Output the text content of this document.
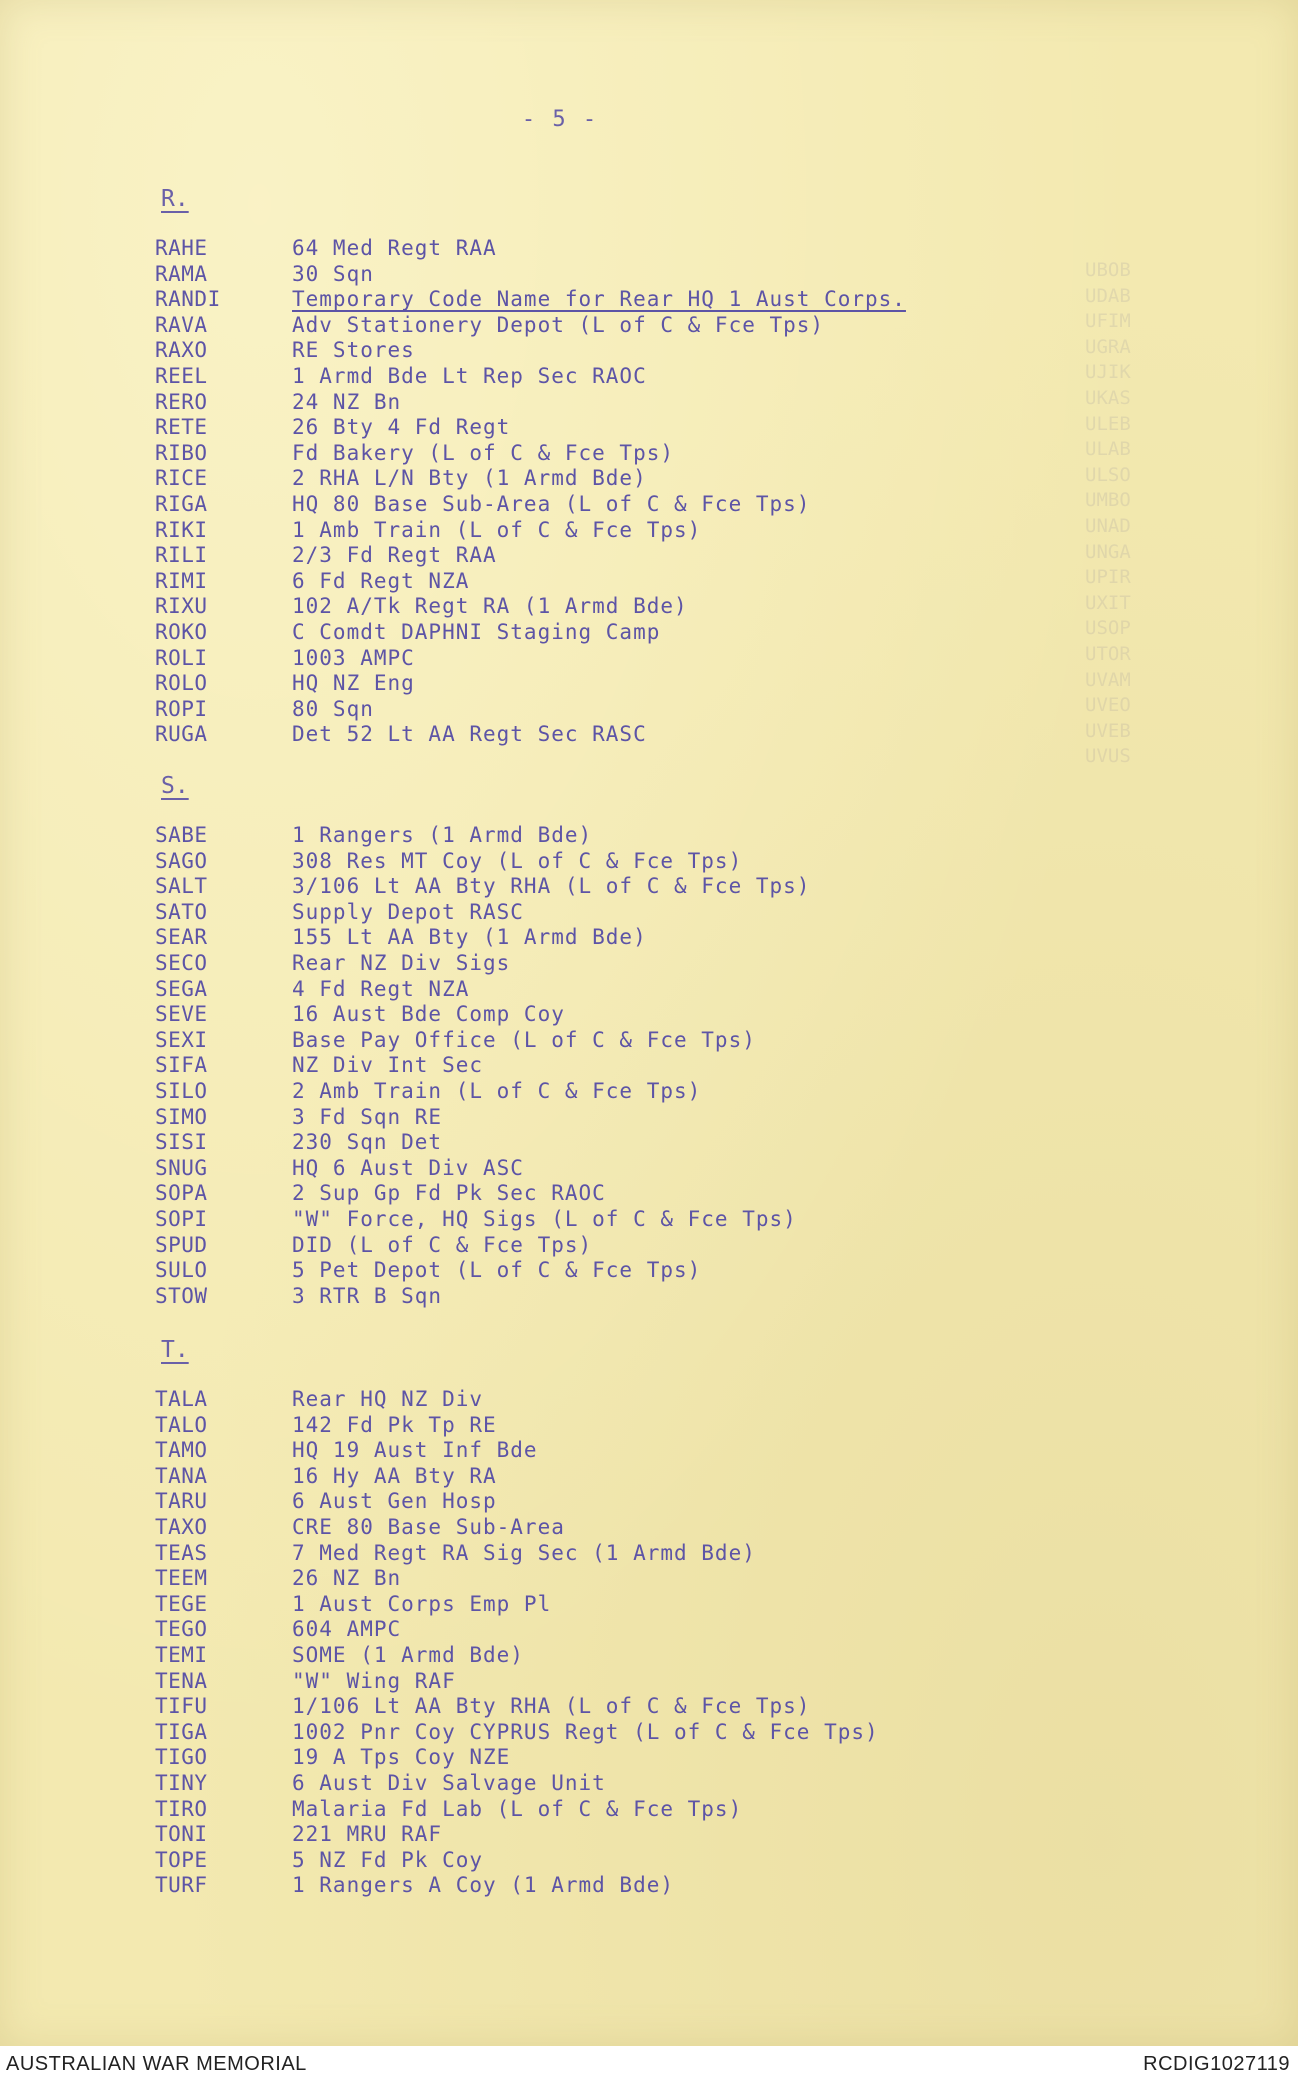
UBOB
UDAB
UFIM
UGRA
UJIK
UKAS
ULEB
ULAB
ULSO
UMBO
UNAD
UNGA
UPIR
UXIT
USOP
UTOR
UVAM
UVEO
UVEB
UVUS
- 5 -
R.
RAHE	64 Med Regt RAA
RAMA	30 Sqn
RANDI	Temporary Code Name for Rear HQ 1 Aust Corps.
RAVA	Adv Stationery Depot (L of C & Fce Tps)
RAXO	RE Stores
REEL	1 Armd Bde Lt Rep Sec RAOC
RERO	24 NZ Bn
RETE	26 Bty 4 Fd Regt
RIBO	Fd Bakery (L of C & Fce Tps)
RICE	2 RHA L/N Bty (1 Armd Bde)
RIGA	HQ 80 Base Sub-Area (L of C & Fce Tps)
RIKI	1 Amb Train (L of C & Fce Tps)
RILI	2/3 Fd Regt RAA
RIMI	6 Fd Regt NZA
RIXU	102 A/Tk Regt RA (1 Armd Bde)
ROKO	C Comdt DAPHNI Staging Camp
ROLI	1003 AMPC
ROLO	HQ NZ Eng
ROPI	80 Sqn
RUGA	Det 52 Lt AA Regt Sec RASC
S.
SABE	1 Rangers (1 Armd Bde)
SAGO	308 Res MT Coy (L of C & Fce Tps)
SALT	3/106 Lt AA Bty RHA (L of C & Fce Tps)
SATO	Supply Depot RASC
SEAR	155 Lt AA Bty (1 Armd Bde)
SECO	Rear NZ Div Sigs
SEGA	4 Fd Regt NZA
SEVE	16 Aust Bde Comp Coy
SEXI	Base Pay Office (L of C & Fce Tps)
SIFA	NZ Div Int Sec
SILO	2 Amb Train (L of C & Fce Tps)
SIMO	3 Fd Sqn RE
SISI	230 Sqn Det
SNUG	HQ 6 Aust Div ASC
SOPA	2 Sup Gp Fd Pk Sec RAOC
SOPI	"W" Force, HQ Sigs (L of C & Fce Tps)
SPUD	DID (L of C & Fce Tps)
SULO	5 Pet Depot (L of C & Fce Tps)
STOW	3 RTR B Sqn
T.
TALA	Rear HQ NZ Div
TALO	142 Fd Pk Tp RE
TAMO	HQ 19 Aust Inf Bde
TANA	16 Hy AA Bty RA
TARU	6 Aust Gen Hosp
TAXO	CRE 80 Base Sub-Area
TEAS	7 Med Regt RA Sig Sec (1 Armd Bde)
TEEM	26 NZ Bn
TEGE	1 Aust Corps Emp Pl
TEGO	604 AMPC
TEMI	SOME (1 Armd Bde)
TENA	"W" Wing RAF
TIFU	1/106 Lt AA Bty RHA (L of C & Fce Tps)
TIGA	1002 Pnr Coy CYPRUS Regt (L of C & Fce Tps)
TIGO	19 A Tps Coy NZE
TINY	6 Aust Div Salvage Unit
TIRO	Malaria Fd Lab (L of C & Fce Tps)
TONI	221 MRU RAF
TOPE	5 NZ Fd Pk Coy
TURF	1 Rangers A Coy (1 Armd Bde)
AUSTRALIAN WAR MEMORIAL	RCDIG1027119
